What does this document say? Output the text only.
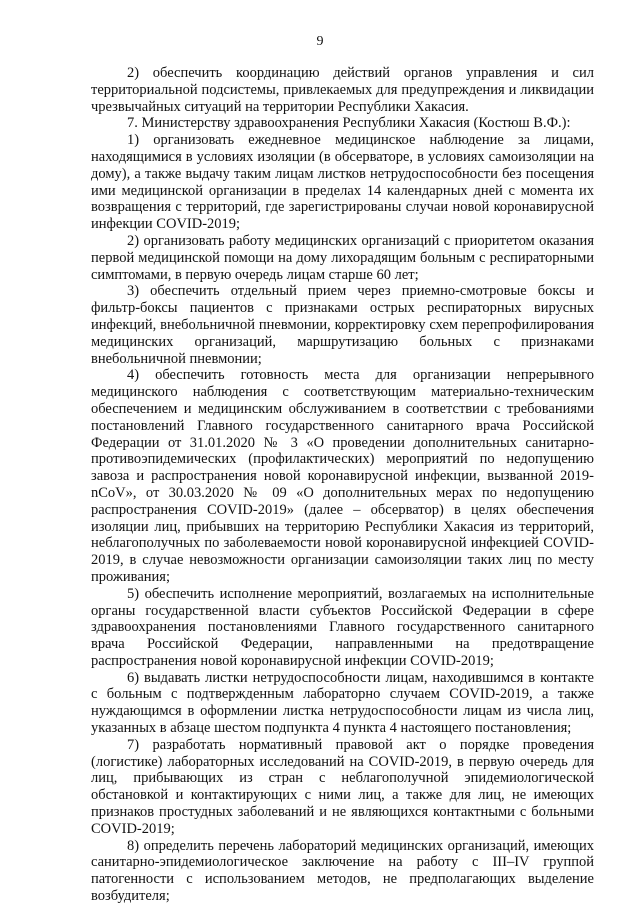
9

2) обеспечить координацию действий органов управления и сил территориальной подсистемы, привлекаемых для предупреждения и ликвидации чрезвычайных ситуаций на территории Республики Хакасия.

7. Министерству здравоохранения Республики Хакасия (Костюш В.Ф.):

1) организовать ежедневное медицинское наблюдение за лицами, находящимися в условиях изоляции (в обсерваторе, в условиях самоизоляции на дому), а также выдачу таким лицам листков нетрудоспособности без посещения ими медицинской организации в пределах 14 календарных дней с момента их возвращения с территорий, где зарегистрированы случаи новой коронавирусной инфекции COVID-2019;

2) организовать работу медицинских организаций с приоритетом оказания первой медицинской помощи на дому лихорадящим больным с респираторными симптомами, в первую очередь лицам старше 60 лет;

3) обеспечить отдельный прием через приемно-смотровые боксы и фильтр-боксы пациентов с признаками острых респираторных вирусных инфекций, внебольничной пневмонии, корректировку схем перепрофилирования медицинских организаций, маршрутизацию больных с признаками внебольничной пневмонии;

4) обеспечить готовность места для организации непрерывного медицинского наблюдения с соответствующим материально-техническим обеспечением и медицинским обслуживанием в соответствии с требованиями постановлений Главного государственного санитарного врача Российской Федерации от 31.01.2020 № 3 «О проведении дополнительных санитарно-противоэпидемических (профилактических) мероприятий по недопущению завоза и распространения новой коронавирусной инфекции, вызванной 2019-nCoV», от 30.03.2020 № 09 «О дополнительных мерах по недопущению распространения COVID-2019» (далее – обсерватор) в целях обеспечения изоляции лиц, прибывших на территорию Республики Хакасия из территорий, неблагополучных по заболеваемости новой коронавирусной инфекцией COVID-2019, в случае невозможности организации самоизоляции таких лиц по месту проживания;

5) обеспечить исполнение мероприятий, возлагаемых на исполнительные органы государственной власти субъектов Российской Федерации в сфере здравоохранения постановлениями Главного государственного санитарного врача Российской Федерации, направленными на предотвращение распространения новой коронавирусной инфекции COVID-2019;

6) выдавать листки нетрудоспособности лицам, находившимся в контакте с больным с подтвержденным лабораторно случаем COVID-2019, а также нуждающимся в оформлении листка нетрудоспособности лицам из числа лиц, указанных в абзаце шестом подпункта 4 пункта 4 настоящего постановления;

7) разработать нормативный правовой акт о порядке проведения (логистике) лабораторных исследований на COVID-2019, в первую очередь для лиц, прибывающих из стран с неблагополучной эпидемиологической обстановкой и контактирующих с ними лиц, а также для лиц, не имеющих признаков простудных заболеваний и не являющихся контактными с больными COVID-2019;

8) определить перечень лабораторий медицинских организаций, имеющих санитарно-эпидемиологическое заключение на работу с III–IV группой патогенности с использованием методов, не предполагающих выделение возбудителя;
